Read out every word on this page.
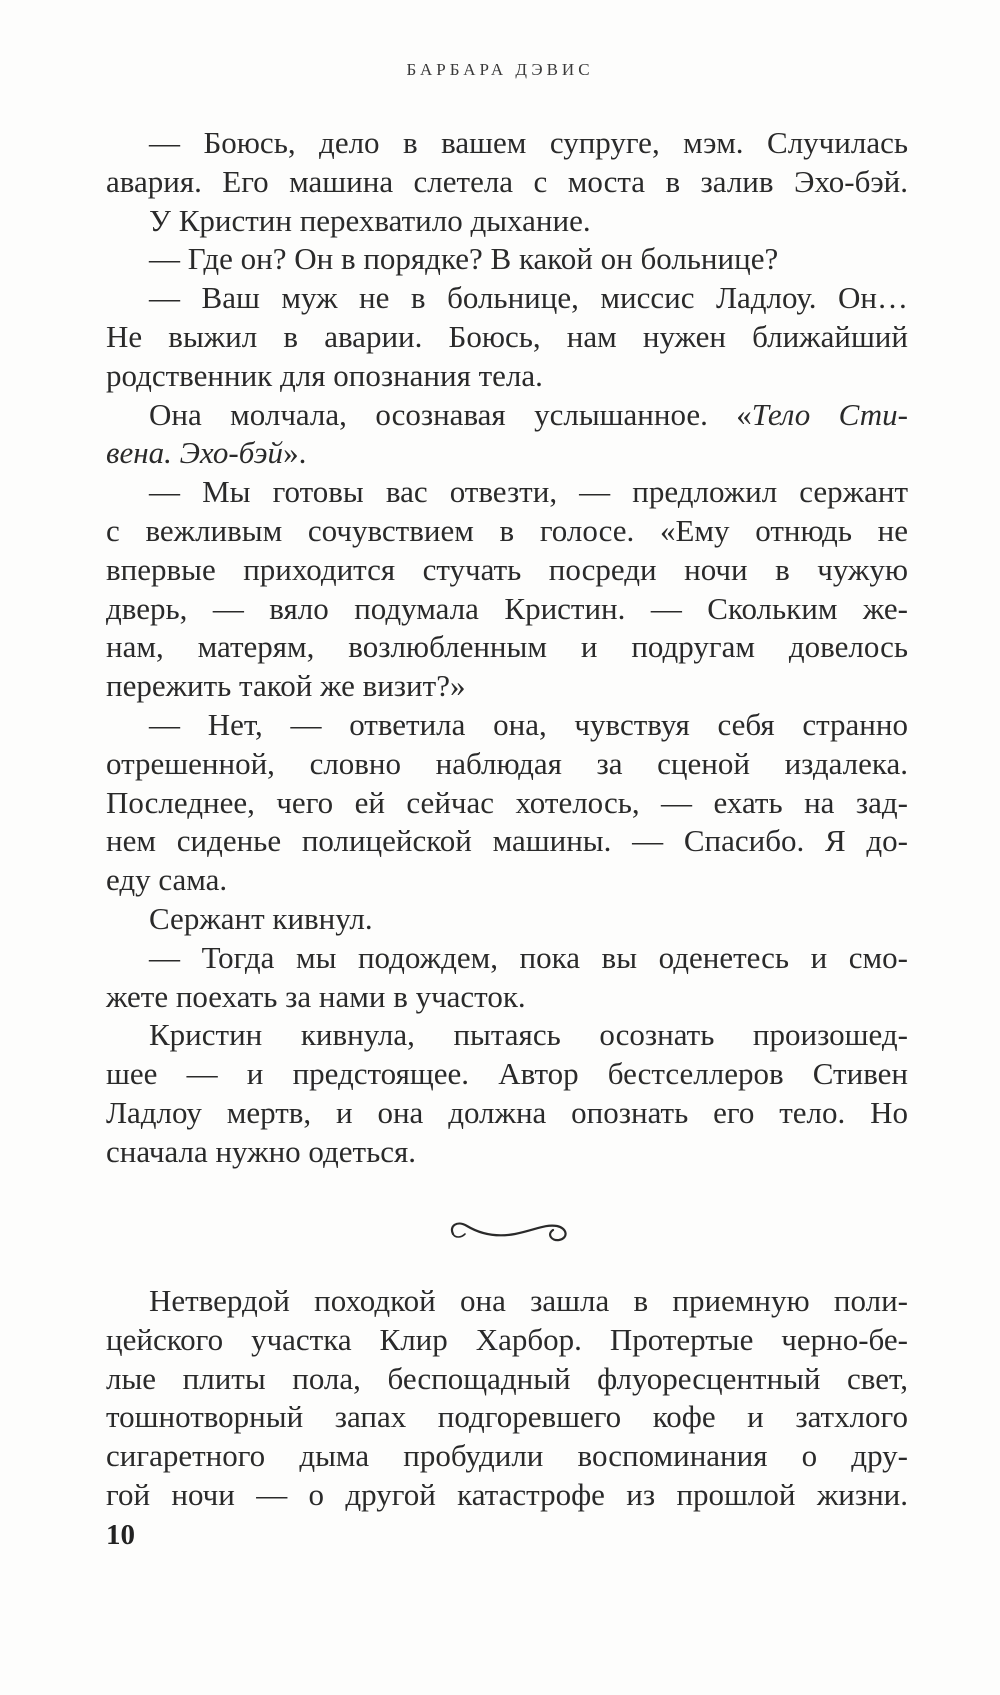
БАРБАРА ДЭВИС
— Боюсь, дело в вашем супруге, мэм. Случилась
авария. Его машина слетела с моста в залив Эхо-бэй.
У Кристин перехватило дыхание.
— Где он? Он в порядке? В какой он больнице?
— Ваш муж не в больнице, миссис Ладлоу. Он…
Не выжил в аварии. Боюсь, нам нужен ближайший
родственник для опознания тела.
Она молчала, осознавая услышанное. «Тело Сти-
вена. Эхо-бэй».
— Мы готовы вас отвезти, — предложил сержант
с вежливым сочувствием в голосе. «Ему отнюдь не
впервые приходится стучать посреди ночи в чужую
дверь, — вяло подумала Кристин. — Скольким же-
нам, матерям, возлюбленным и подругам довелось
пережить такой же визит?»
— Нет, — ответила она, чувствуя себя странно
отрешенной, словно наблюдая за сценой издалека.
Последнее, чего ей сейчас хотелось, — ехать на зад-
нем сиденье полицейской машины. — Спасибо. Я до-
еду сама.
Сержант кивнул.
— Тогда мы подождем, пока вы оденетесь и смо-
жете поехать за нами в участок.
Кристин кивнула, пытаясь осознать произошед-
шее — и предстоящее. Автор бестселлеров Стивен
Ладлоу мертв, и она должна опознать его тело. Но
сначала нужно одеться.
Нетвердой походкой она зашла в приемную поли-
цейского участка Клир Харбор. Протертые черно-бе-
лые плиты пола, беспощадный флуоресцентный свет,
тошнотворный запах подгоревшего кофе и затхлого
сигаретного дыма пробудили воспоминания о дру-
гой ночи — о другой катастрофе из прошлой жизни.
10
